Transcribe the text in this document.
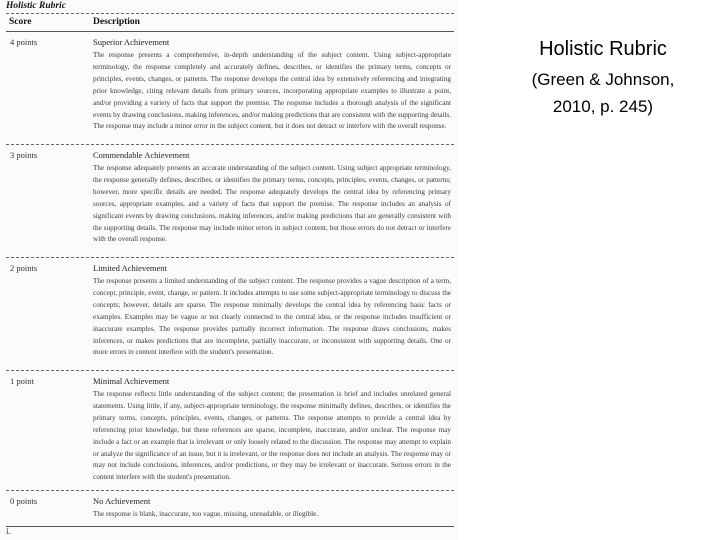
Holistic Rubric
Score	Description
4 points	Superior Achievement

The response presents a comprehensive, in-depth understanding of the subject content. Using subject-appropriate terminology, the response completely and accurately defines, describes, or identifies the primary terms, concepts or principles, events, changes, or patterns. The response develops the central idea by extensively referencing and integrating prior knowledge, citing relevant details from primary sources, incorporating appropriate examples to illustrate a point, and/or providing a variety of facts that support the premise. The response includes a thorough analysis of the significant events by drawing conclusions, making inferences, and/or making predictions that are consistent with the supporting details. The response may include a minor error in the subject content, but it does not detract or interfere with the overall response.

3 points	Commendable Achievement

The response adequately presents an accurate understanding of the subject content. Using subject appropriate terminology, the response generally defines, describes, or identifies the primary terms, concepts, principles, events, changes, or patterns; however, more specific details are needed. The response adequately develops the central idea by referencing primary sources, appropriate examples, and a variety of facts that support the premise. The response includes an analysis of significant events by drawing conclusions, making inferences, and/or making predictions that are generally consistent with the supporting details. The response may include minor errors in subject content, but those errors do not detract or interfere with the overall response.

2 points	Limited Achievement

The response presents a limited understanding of the subject content. The response provides a vague description of a term, concept, principle, event, change, or pattern. It includes attempts to use some subject-appropriate terminology to discuss the concepts; however, details are sparse. The response minimally develops the central idea by referencing basic facts or examples. Examples may be vague or not clearly connected to the central idea, or the response includes insufficient or inaccurate examples. The response provides partially incorrect information. The response draws conclusions, makes inferences, or makes predictions that are incomplete, partially inaccurate, or inconsistent with supporting details. One or more errors in content interfere with the student's presentation.

1 point	Minimal Achievement

The response reflects little understanding of the subject content; the presentation is brief and includes unrelated general statements. Using little, if any, subject-appropriate terminology, the response minimally defines, describes, or identifies the primary terms, concepts, principles, events, changes, or patterns. The response attempts to provide a central idea by referencing prior knowledge, but these references are sparse, incomplete, inaccurate, and/or unclear. The response may include a fact or an example that is irrelevant or only loosely related to the discussion. The response may attempt to explain or analyze the significance of an issue, but it is irrelevant, or the response does not include an analysis. The response may or may not include conclusions, inferences, and/or predictions, or they may be irrelevant or inaccurate. Serious errors in the content interfere with the student's presentation.

0 points	No Achievement

The response is blank, inaccurate, too vague, missing, unreadable, or illegible.

L
Holistic Rubric
(Green & Johnson,
2010, p. 245)
